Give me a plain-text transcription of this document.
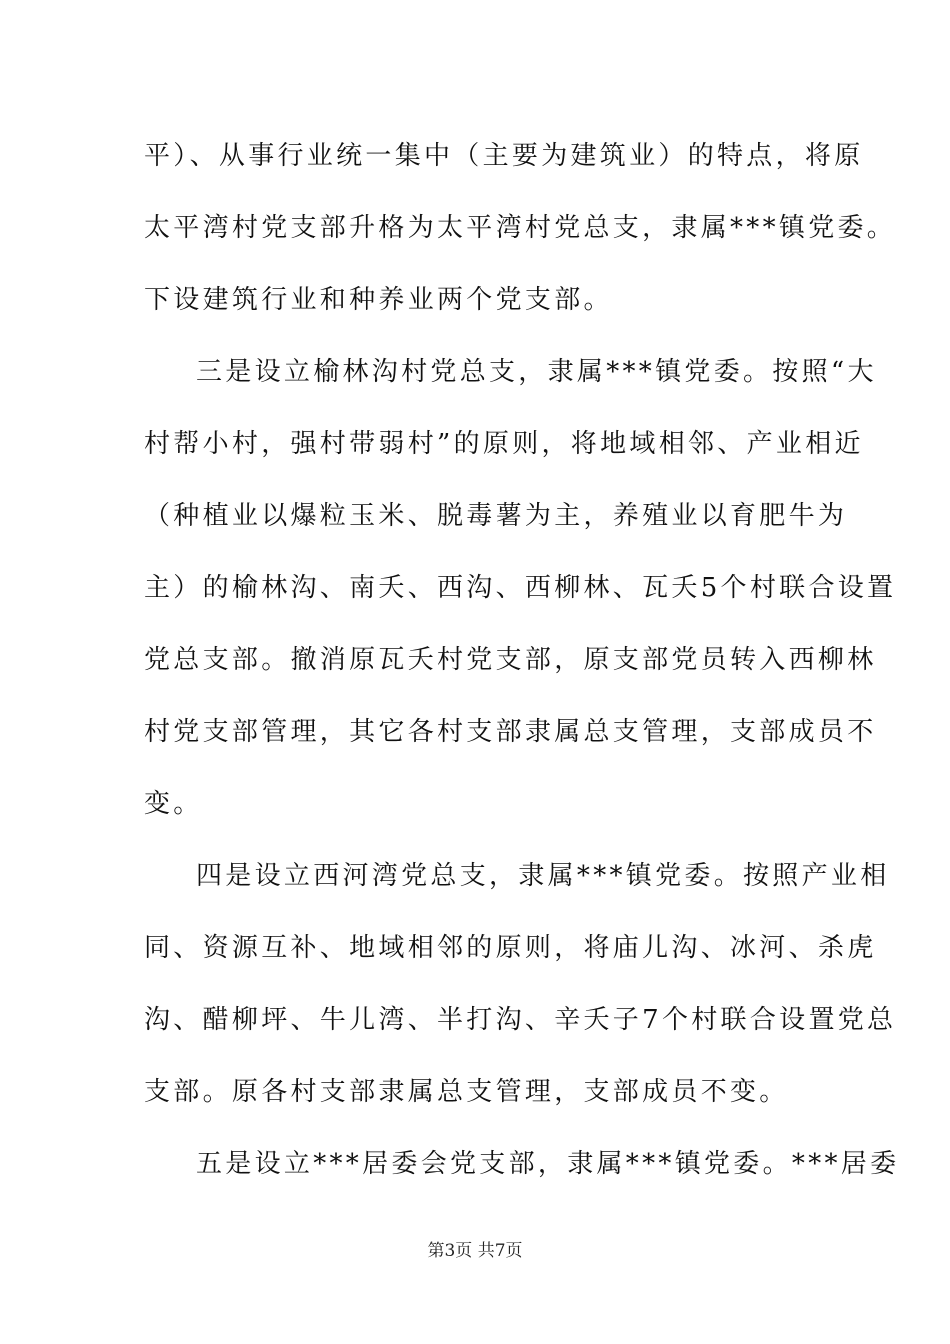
平）、从事行业统一集中（主要为建筑业）的特点，将原
太平湾村党支部升格为太平湾村党总支，隶属***镇党委。
下设建筑行业和种养业两个党支部。
三是设立榆林沟村党总支，隶属***镇党委。按照“大
村帮小村，强村带弱村”的原则，将地域相邻、产业相近
（种植业以爆粒玉米、脱毒薯为主，养殖业以育肥牛为
主）的榆林沟、南夭、西沟、西柳林、瓦夭5个村联合设置
党总支部。撤消原瓦夭村党支部，原支部党员转入西柳林
村党支部管理，其它各村支部隶属总支管理，支部成员不
变。
四是设立西河湾党总支，隶属***镇党委。按照产业相
同、资源互补、地域相邻的原则，将庙儿沟、冰河、杀虎
沟、醋柳坪、牛儿湾、半打沟、辛夭子7个村联合设置党总
支部。原各村支部隶属总支管理，支部成员不变。
五是设立***居委会党支部，隶属***镇党委。***居委
第3页 共7页
